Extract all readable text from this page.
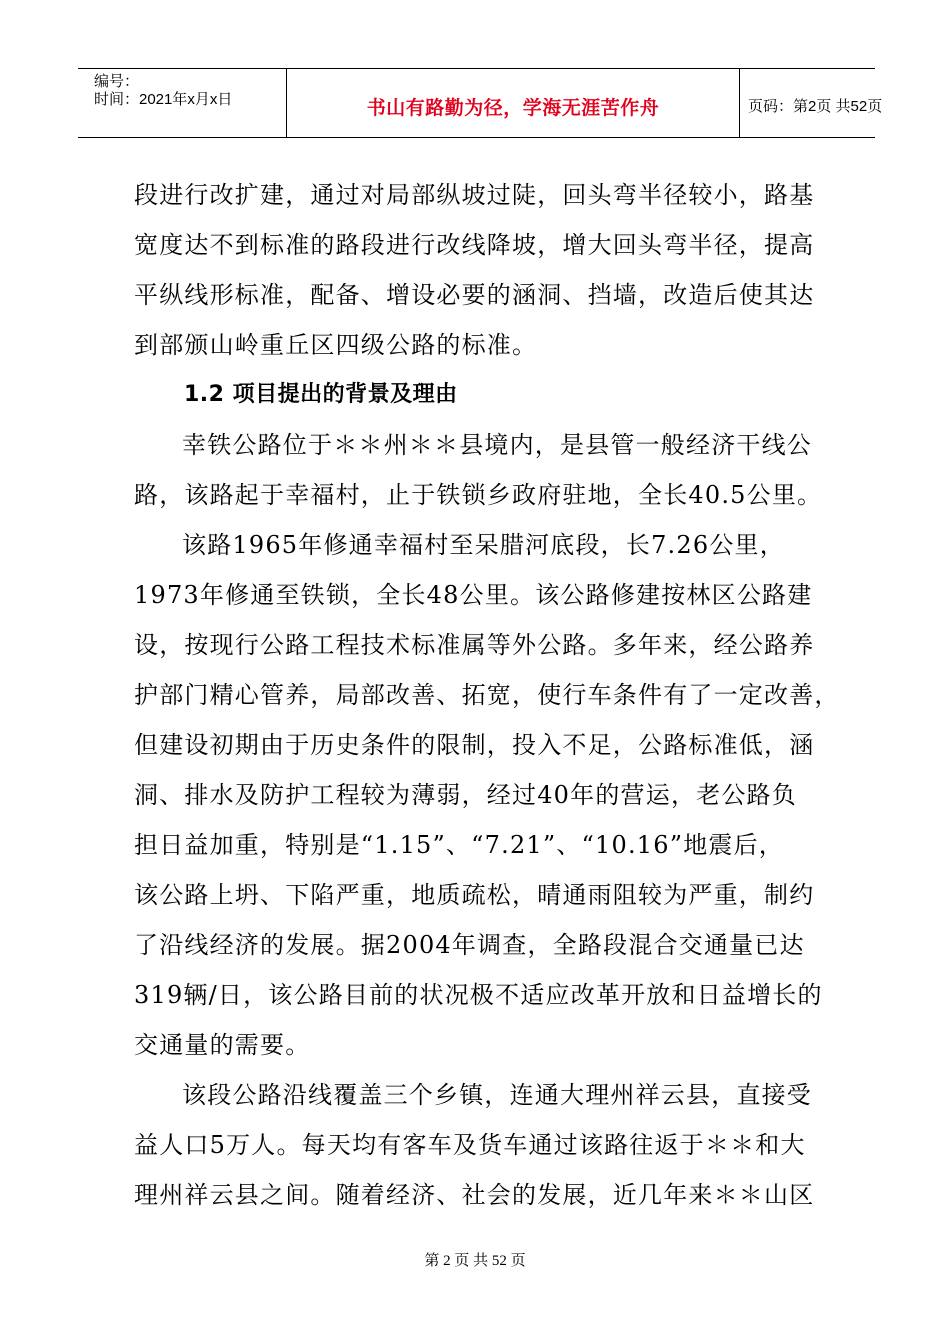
编号：
时间：2021年x月x日	书山有路勤为径，学海无涯苦作舟	页码：第2页 共52页
段进行改扩建，通过对局部纵坡过陡，回头弯半径较小，路基
宽度达不到标准的路段进行改线降坡，增大回头弯半径，提高
平纵线形标准，配备、增设必要的涵洞、挡墙，改造后使其达
到部颁山岭重丘区四级公路的标准。
1.2 项目提出的背景及理由
幸铁公路位于＊＊州＊＊县境内，是县管一般经济干线公
路，该路起于幸福村，止于铁锁乡政府驻地，全长40.5公里。
该路1965年修通幸福村至呆腊河底段，长7.26公里，
1973年修通至铁锁，全长48公里。该公路修建按林区公路建
设，按现行公路工程技术标准属等外公路。多年来，经公路养
护部门精心管养，局部改善、拓宽，使行车条件有了一定改善，
但建设初期由于历史条件的限制，投入不足，公路标准低，涵
洞、排水及防护工程较为薄弱，经过40年的营运，老公路负
担日益加重，特别是“1.15”、“7.21”、“10.16”地震后，
该公路上坍、下陷严重，地质疏松，晴通雨阻较为严重，制约
了沿线经济的发展。据2004年调查，全路段混合交通量已达
319辆/日，该公路目前的状况极不适应改革开放和日益增长的
交通量的需要。
该段公路沿线覆盖三个乡镇，连通大理州祥云县，直接受
益人口5万人。每天均有客车及货车通过该路往返于＊＊和大
理州祥云县之间。随着经济、社会的发展，近几年来＊＊山区
第 2 页 共 52 页
